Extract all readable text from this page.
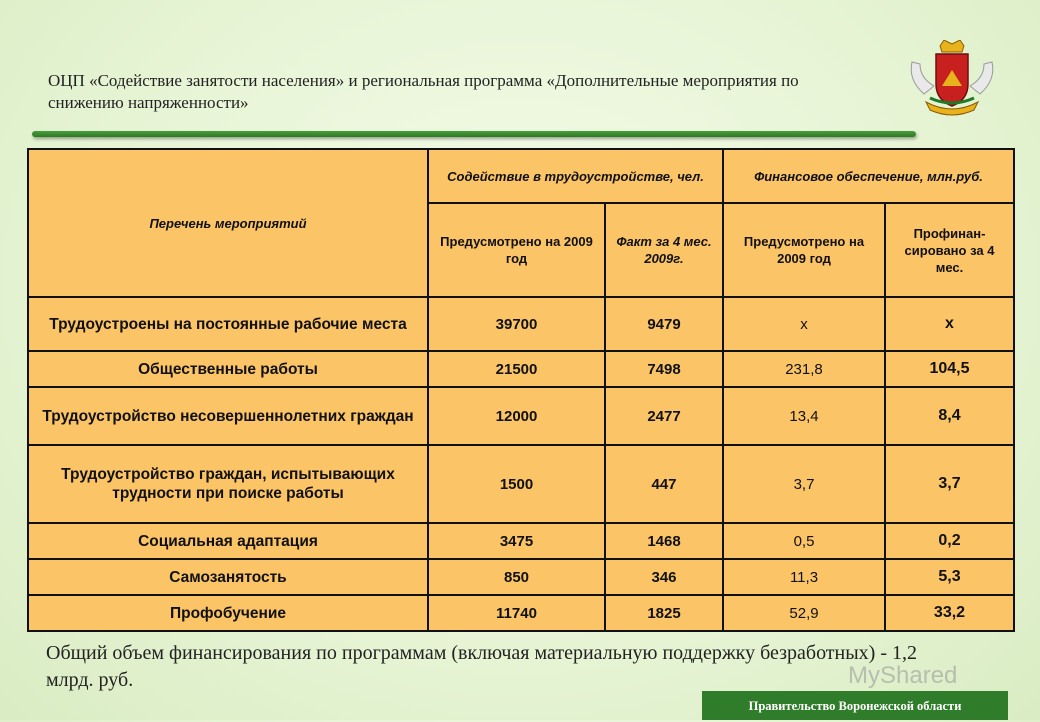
ОЦП «Содействие занятости населения» и региональная программа «Дополнительные мероприятия по снижению напряженности»
Перечень мероприятий	Содействие в трудоустройстве, чел.		Финансовое обеспечение, млн.руб.	
	Предусмотрено на 2009 год	Факт за 4 мес. 2009г.	Предусмотрено на 2009 год	Профинан-сировано за 4 мес.
Трудоустроены на постоянные рабочие места	39700	9479	х	х
Общественные работы	21500	7498	231,8	104,5
Трудоустройство несовершеннолетних граждан	12000	2477	13,4	8,4
Трудоустройство граждан, испытывающих трудности при поиске работы	1500	447	3,7	3,7
Социальная адаптация	3475	1468	0,5	0,2
Самозанятость	850	346	11,3	5,3
Профобучение	11740	1825	52,9	33,2
Общий объем финансирования по программам (включая материальную поддержку безработных) - 1,2 млрд. руб.	MyShared
Правительство Воронежской области
